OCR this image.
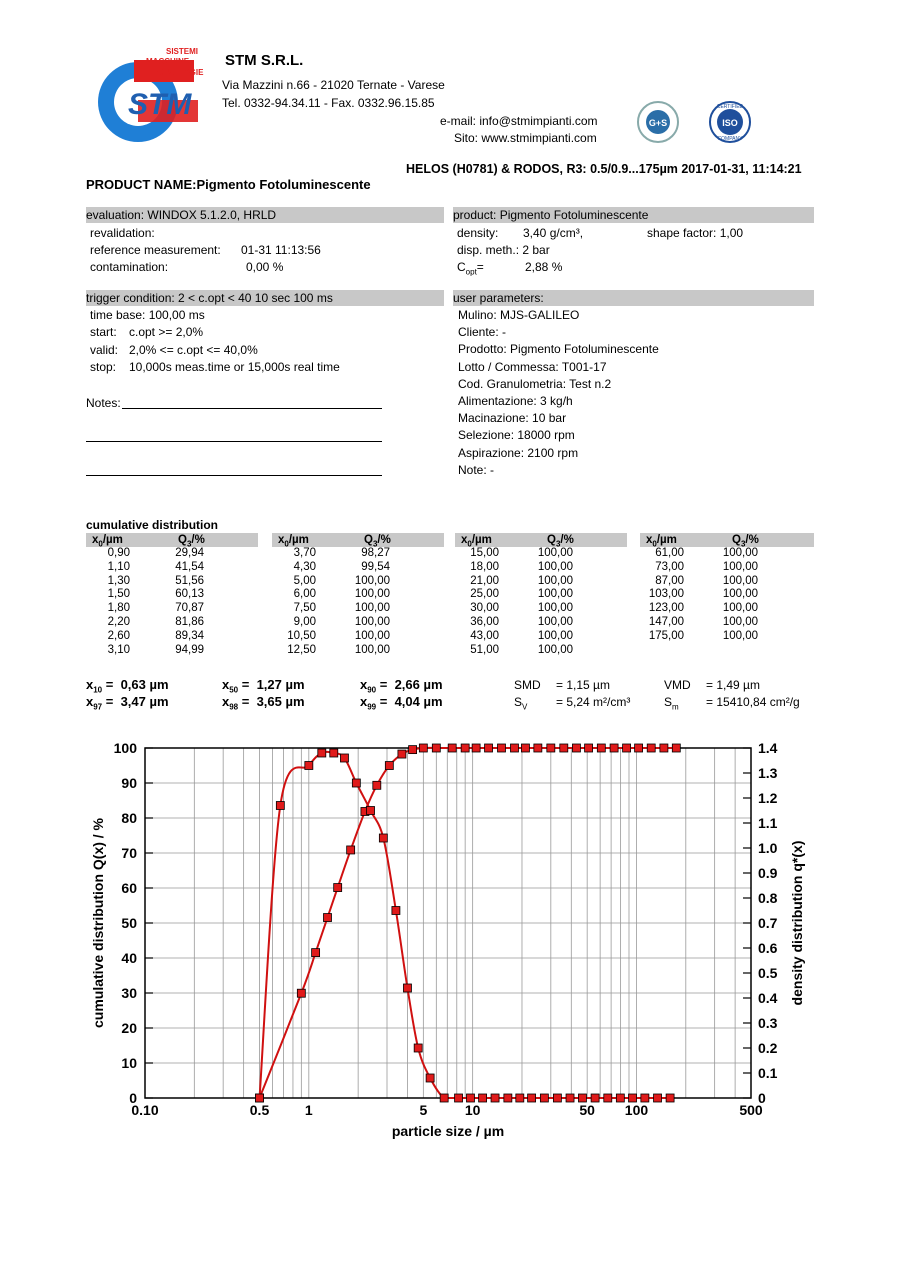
STM
SISTEMI
MACCHINE
E TECNOLOGIE
STM S.R.L.
Via Mazzini n.66 - 21020 Ternate - Varese
Tel. 0332-94.34.11 - Fax. 0332.96.15.85
e-mail: info@stmimpianti.com
Sito: www.stmimpianti.com
G+S	ISO
CERTIFIED
COMPANY
HELOS (H0781) & RODOS, R3: 0.5/0.9...175µm 2017-01-31, 11:14:21
PRODUCT NAME:Pigmento Fotoluminescente
evaluation: WINDOX 5.1.2.0, HRLD
revalidation:
reference measurement: 01-31 11:13:56
contamination:	0,00 %
product: Pigmento Fotoluminescente
density: 3,40 g/cm³,	shape factor: 1,00
disp. meth.: 2 bar
$C_{opt}=$	2,88 %
trigger condition: 2 < c.opt < 40 10 sec 100 ms
time base: 100,00 ms
start: c.opt >= 2,0%
valid: 2,0% <= c.opt <= 40,0%
stop: 10,000s meas.time or 15,000s real time
Notes:
user parameters:
Mulino: MJS-GALILEO
Cliente: -
Prodotto: Pigmento Fotoluminescente
Lotto / Commessa: T001-17
Cod. Granulometria: Test n.2
Alimentazione: 3 kg/h
Macinazione: 10 bar
Selezione: 18000 rpm
Aspirazione: 2100 rpm
Note: -
cumulative distribution
$x_0/\mu m$	$Q_3/\%$
0,90	29,94
1,10	41,54
1,30	51,56
1,50	60,13
1,80	70,87
2,20	81,86
2,60	89,34
3,10	94,99
$x_0/\mu m$	$Q_3/\%$
3,70	98,27
4,30	99,54
5,00	100,00
6,00	100,00
7,50	100,00
9,00	100,00
10,50	100,00
12,50	100,00
$x_0/\mu m$	$Q_3/\%$
15,00	100,00
18,00	100,00
21,00	100,00
25,00	100,00
30,00	100,00
36,00	100,00
43,00	100,00
51,00	100,00
$x_0/\mu m$	$Q_3/\%$
61,00	100,00
73,00	100,00
87,00	100,00
103,00	100,00
123,00	100,00
147,00	100,00
175,00	100,00
$x_{10} = 0,63$ µm	$x_{50} = 1,27$ µm	$x_{90} = 2,66$ µm
$x_{97} = 3,47$ µm	$x_{98} = 3,65$ µm	$x_{99} = 4,04$ µm
SMD = 1,15 µm	VMD = 1,49 µm
$S_V = 5,24$ m²/cm³	$S_m = 15410,84$ cm²/g
0
10
20
30
40
50
60
70
80
90
100
0
0.1
0.2
0.3
0.4
0.5
0.6
0.7
0.8
0.9
1.0
1.1
1.2
1.3
1.4
0.10	0.5	1	5	10	50 100	500
particle size / µm
cumulative distribution Q(x) / %	density distribution q*(x)
